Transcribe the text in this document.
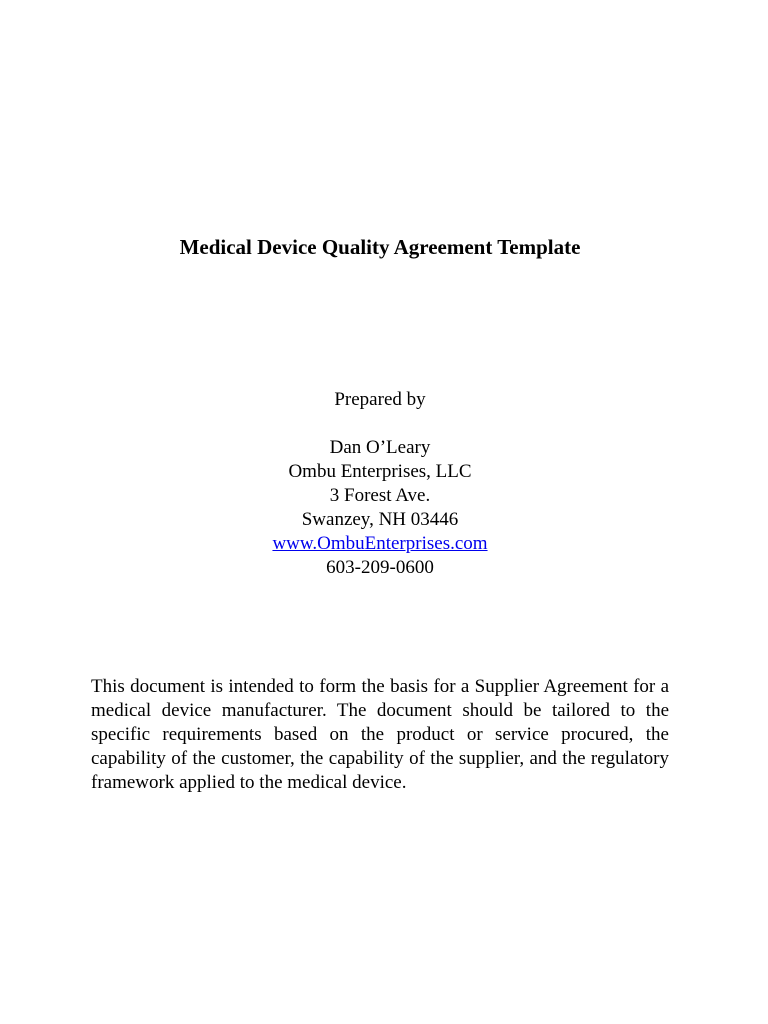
Medical Device Quality Agreement Template
Prepared by
Dan O’Leary
Ombu Enterprises, LLC
3 Forest Ave.
Swanzey, NH 03446
www.OmbuEnterprises.com
603-209-0600

This document is intended to form the basis for a Supplier Agreement for a medical device manufacturer. The document should be tailored to the specific requirements based on the product or service procured, the capability of the customer, the capability of the supplier, and the regulatory framework applied to the medical device.
